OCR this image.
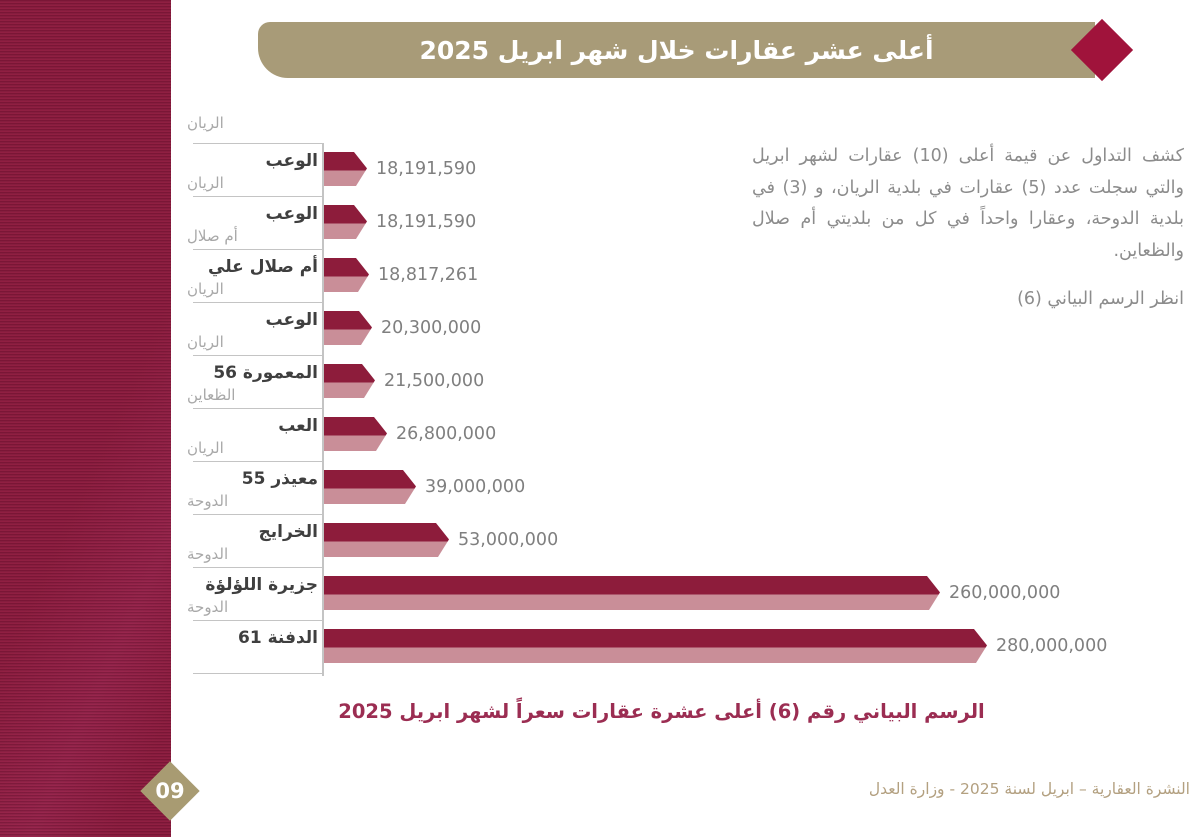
09
أعلى عشر عقارات خلال شهر ابريل 2025

كشف التداول عن قيمة أعلى (10) عقارات لشهر ابريل والتي سجلت عدد (5) عقارات في بلدية الريان، و (3) في بلدية الدوحة، وعقارا واحداً في كل من بلديتي أم صلال والظعاين.

انظر الرسم البياني (6)

الريان
الوعب
الريان
18,191,590
الوعب
أم صلال
18,191,590
أم صلال علي
الريان
18,817,261
الوعب
الريان
20,300,000
المعمورة 56
الظعاين
21,500,000
العب
الريان
26,800,000
معيذر 55
الدوحة
39,000,000
الخرايج
الدوحة
53,000,000
جزيرة اللؤلؤة
الدوحة
260,000,000
الدفنة 61	280,000,000
الرسم البياني رقم (6) أعلى عشرة عقارات سعراً لشهر ابريل 2025
النشرة العقارية – ابريل لسنة 2025 - وزارة العدل
